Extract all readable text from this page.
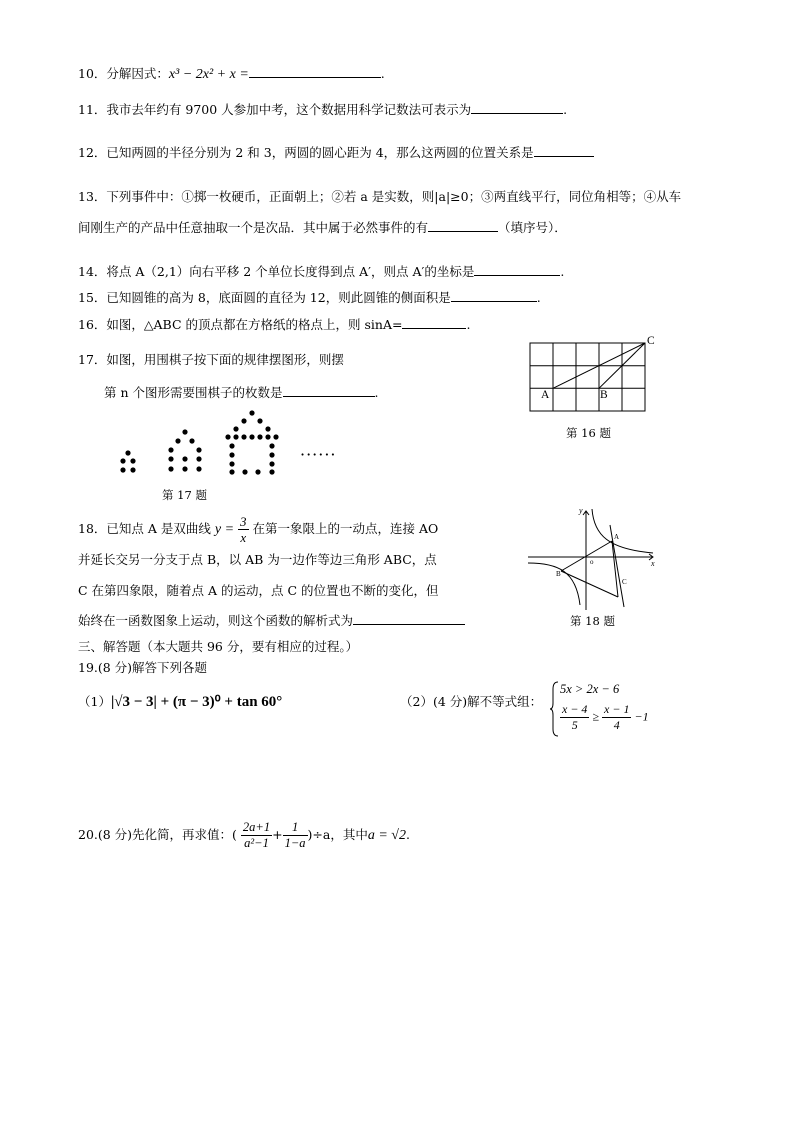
10．分解因式：x³ − 2x² + x =	.
11．我市去年约有 9700 人参加中考，这个数据用科学记数法可表示为	.
12．已知两圆的半径分别为 2 和 3，两圆的圆心距为 4，那么这两圆的位置关系是
13．下列事件中：①掷一枚硬币，正面朝上；②若 a 是实数，则|a|≥0；③两直线平行，同位角相等；④从车
间刚生产的产品中任意抽取一个是次品．其中属于必然事件的有	（填序号）．
14．将点 A（2,1）向右平移 2 个单位长度得到点 A′，则点 A′的坐标是	.
15．已知圆锥的高为 8，底面圆的直径为 12，则此圆锥的侧面积是	.
16．如图，△ABC 的顶点都在方格纸的格点上，则 sinA=	.
17．如图，用围棋子按下面的规律摆图形，则摆
第 n 个图形需要围棋子的枚数是	.	A	B
C
第 16 题
······
第 17 题
18．已知点 A 是双曲线 $y = \frac{3}{x}$ 在第一象限上的一动点，连接 AO
并延长交另一分支于点 B，以 AB 为一边作等边三角形 ABC，点
C 在第四象限，随着点 A 的运动，点 C 的位置也不断的变化，但
始终在一函数图象上运动，则这个函数的解析式为
y
x
o
A
B
C
第 18 题
三、解答题（本大题共 96 分，要有相应的过程。）
19.(8 分)解答下列各题
（1）|√3 − 3| + (π − 3)⁰ + tan 60°	（2）(4 分)解不等式组：
5x > 2x − 6
$\frac{x - 4}{5} \ge \frac{x - 1}{4} -1$
20.(8 分)先化简，再求值：( $\frac{2a+1}{\text{a²−1}} + \frac{1}{1-a} )\div a$，其中a = √2.
